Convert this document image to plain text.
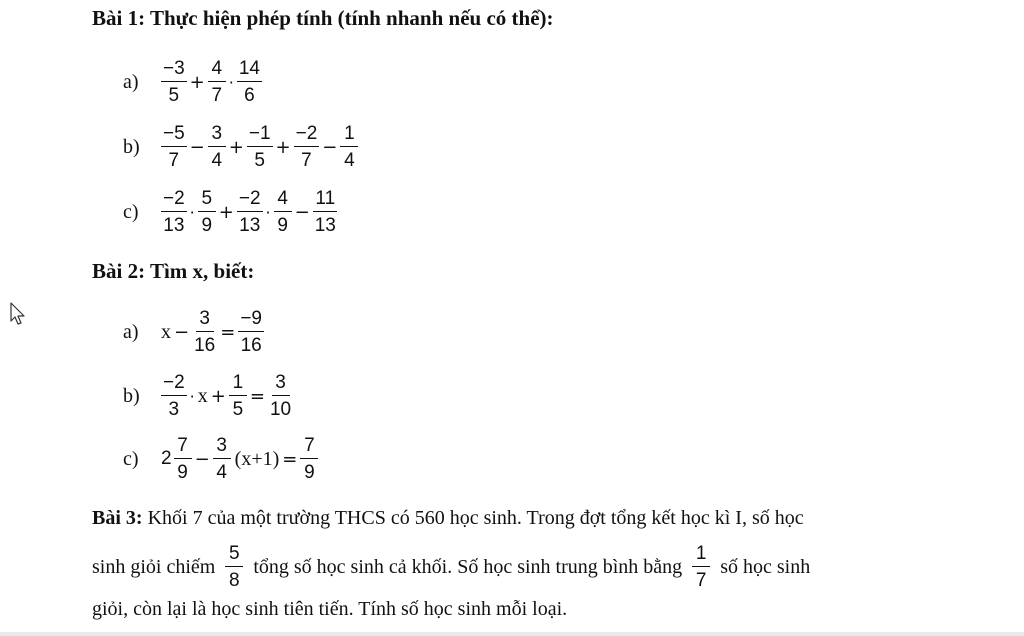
Bài 1: Thực hiện phép tính (tính nhanh nếu có thể):
a)	$\frac{-3}{5} + \frac{4}{7} \cdot \frac{14}{6}$
b)	$\frac{-5}{7} - \frac{3}{4} + \frac{-1}{5} + \frac{-2}{7} - \frac{1}{4}$
c)	$\frac{-2}{13} \cdot \frac{5}{9} + \frac{-2}{13} \cdot \frac{4}{9} - \frac{11}{13}$
Bài 2: Tìm x, biết:
a)	$x - \frac{3}{16} = \frac{-9}{16}$
b)	$\frac{-2}{3} \cdot x + \frac{1}{5} = \frac{3}{10}$
c)	$2 \frac{7}{9} - \frac{3}{4} (x+1) = \frac{7}{9}$
Bài 3: Khối 7 của một trường THCS có 560 học sinh. Trong đợt tổng kết học kì I, số học
sinh giỏi chiếm $\frac{5}{8}$ tổng số học sinh cả khối. Số học sinh trung bình bằng $\frac{1}{7}$ số học sinh
giỏi, còn lại là học sinh tiên tiến. Tính số học sinh mỗi loại.
